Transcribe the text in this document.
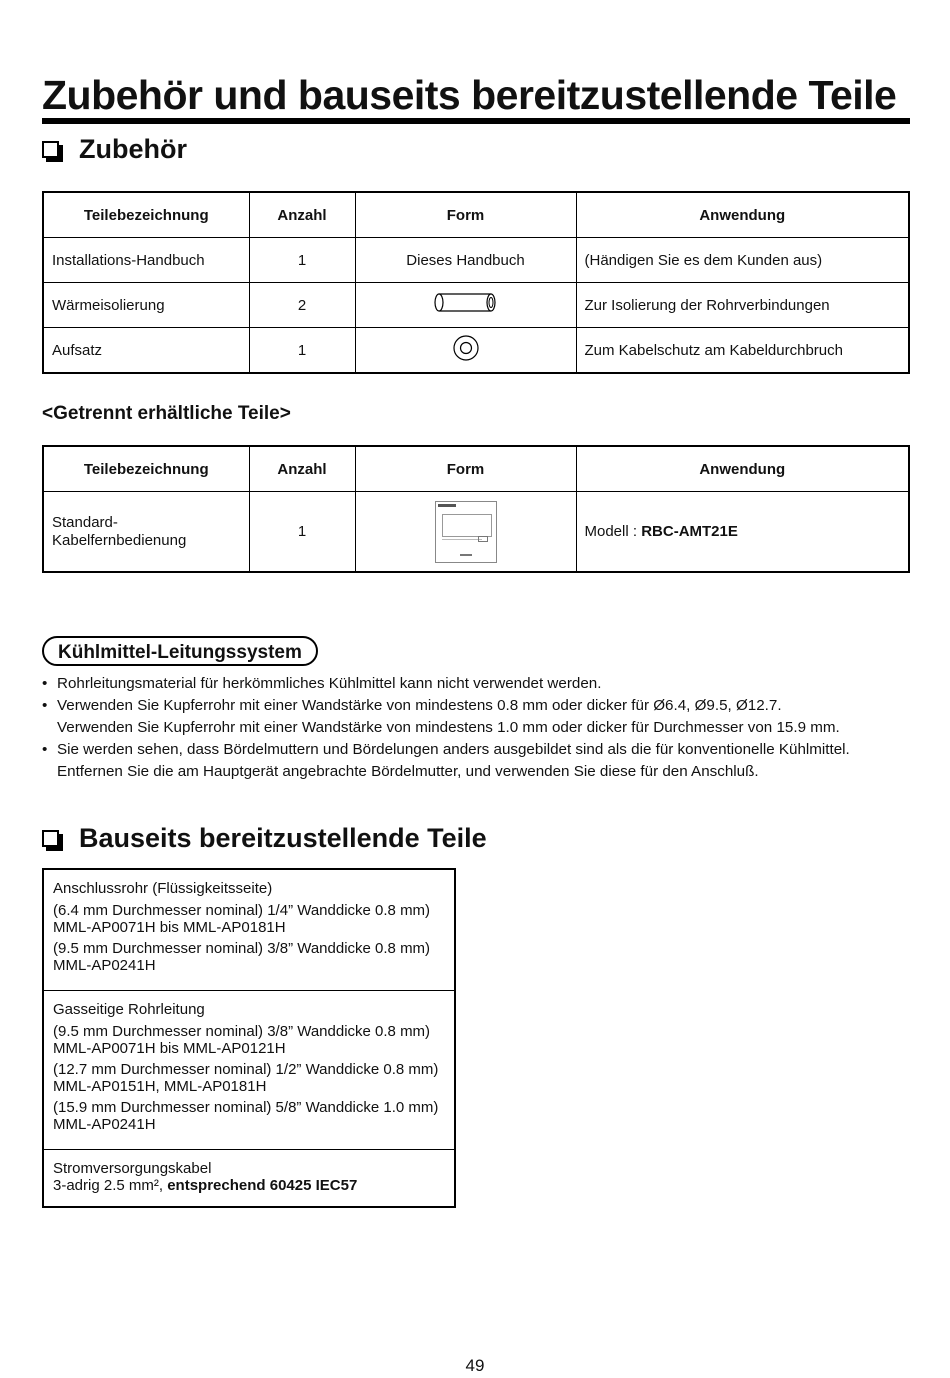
Zubehör und bauseits bereitzustellende Teile
Zubehör
Teilebezeichnung	Anzahl	Form	Anwendung
Installations-Handbuch	1	Dieses Handbuch	(Händigen Sie es dem Kunden aus)
Wärmeisolierung	2		Zur Isolierung der Rohrverbindungen
Aufsatz	1		Zum Kabelschutz am Kabeldurchbruch
<Getrennt erhältliche Teile>
Teilebezeichnung	Anzahl	Form	Anwendung

Standard-
Kabelfernbedienung	1		Modell : RBC-AMT21E
Kühlmittel-Leitungssystem
• Rohrleitungsmaterial für herkömmliches Kühlmittel kann nicht verwendet werden.
• Verwenden Sie Kupferrohr mit einer Wandstärke von mindestens 0.8 mm oder dicker für Ø6.4, Ø9.5, Ø12.7.
Verwenden Sie Kupferrohr mit einer Wandstärke von mindestens 1.0 mm oder dicker für Durchmesser von 15.9 mm.
• Sie werden sehen, dass Bördelmuttern und Bördelungen anders ausgebildet sind als die für konventionelle Kühlmittel.
Entfernen Sie die am Hauptgerät angebrachte Bördelmutter, und verwenden Sie diese für den Anschluß.
Bauseits bereitzustellende Teile
Anschlussrohr (Flüssigkeitsseite)
(6.4 mm Durchmesser nominal) 1/4” Wanddicke 0.8 mm)
MML-AP0071H bis MML-AP0181H
(9.5 mm Durchmesser nominal) 3/8” Wanddicke 0.8 mm)
MML-AP0241H
Gasseitige Rohrleitung
(9.5 mm Durchmesser nominal) 3/8” Wanddicke 0.8 mm)
MML-AP0071H bis MML-AP0121H
(12.7 mm Durchmesser nominal) 1/2” Wanddicke 0.8 mm)
MML-AP0151H, MML-AP0181H
(15.9 mm Durchmesser nominal) 5/8” Wanddicke 1.0 mm)
MML-AP0241H
Stromversorgungskabel
3-adrig 2.5 mm², entsprechend 60425 IEC57
49
